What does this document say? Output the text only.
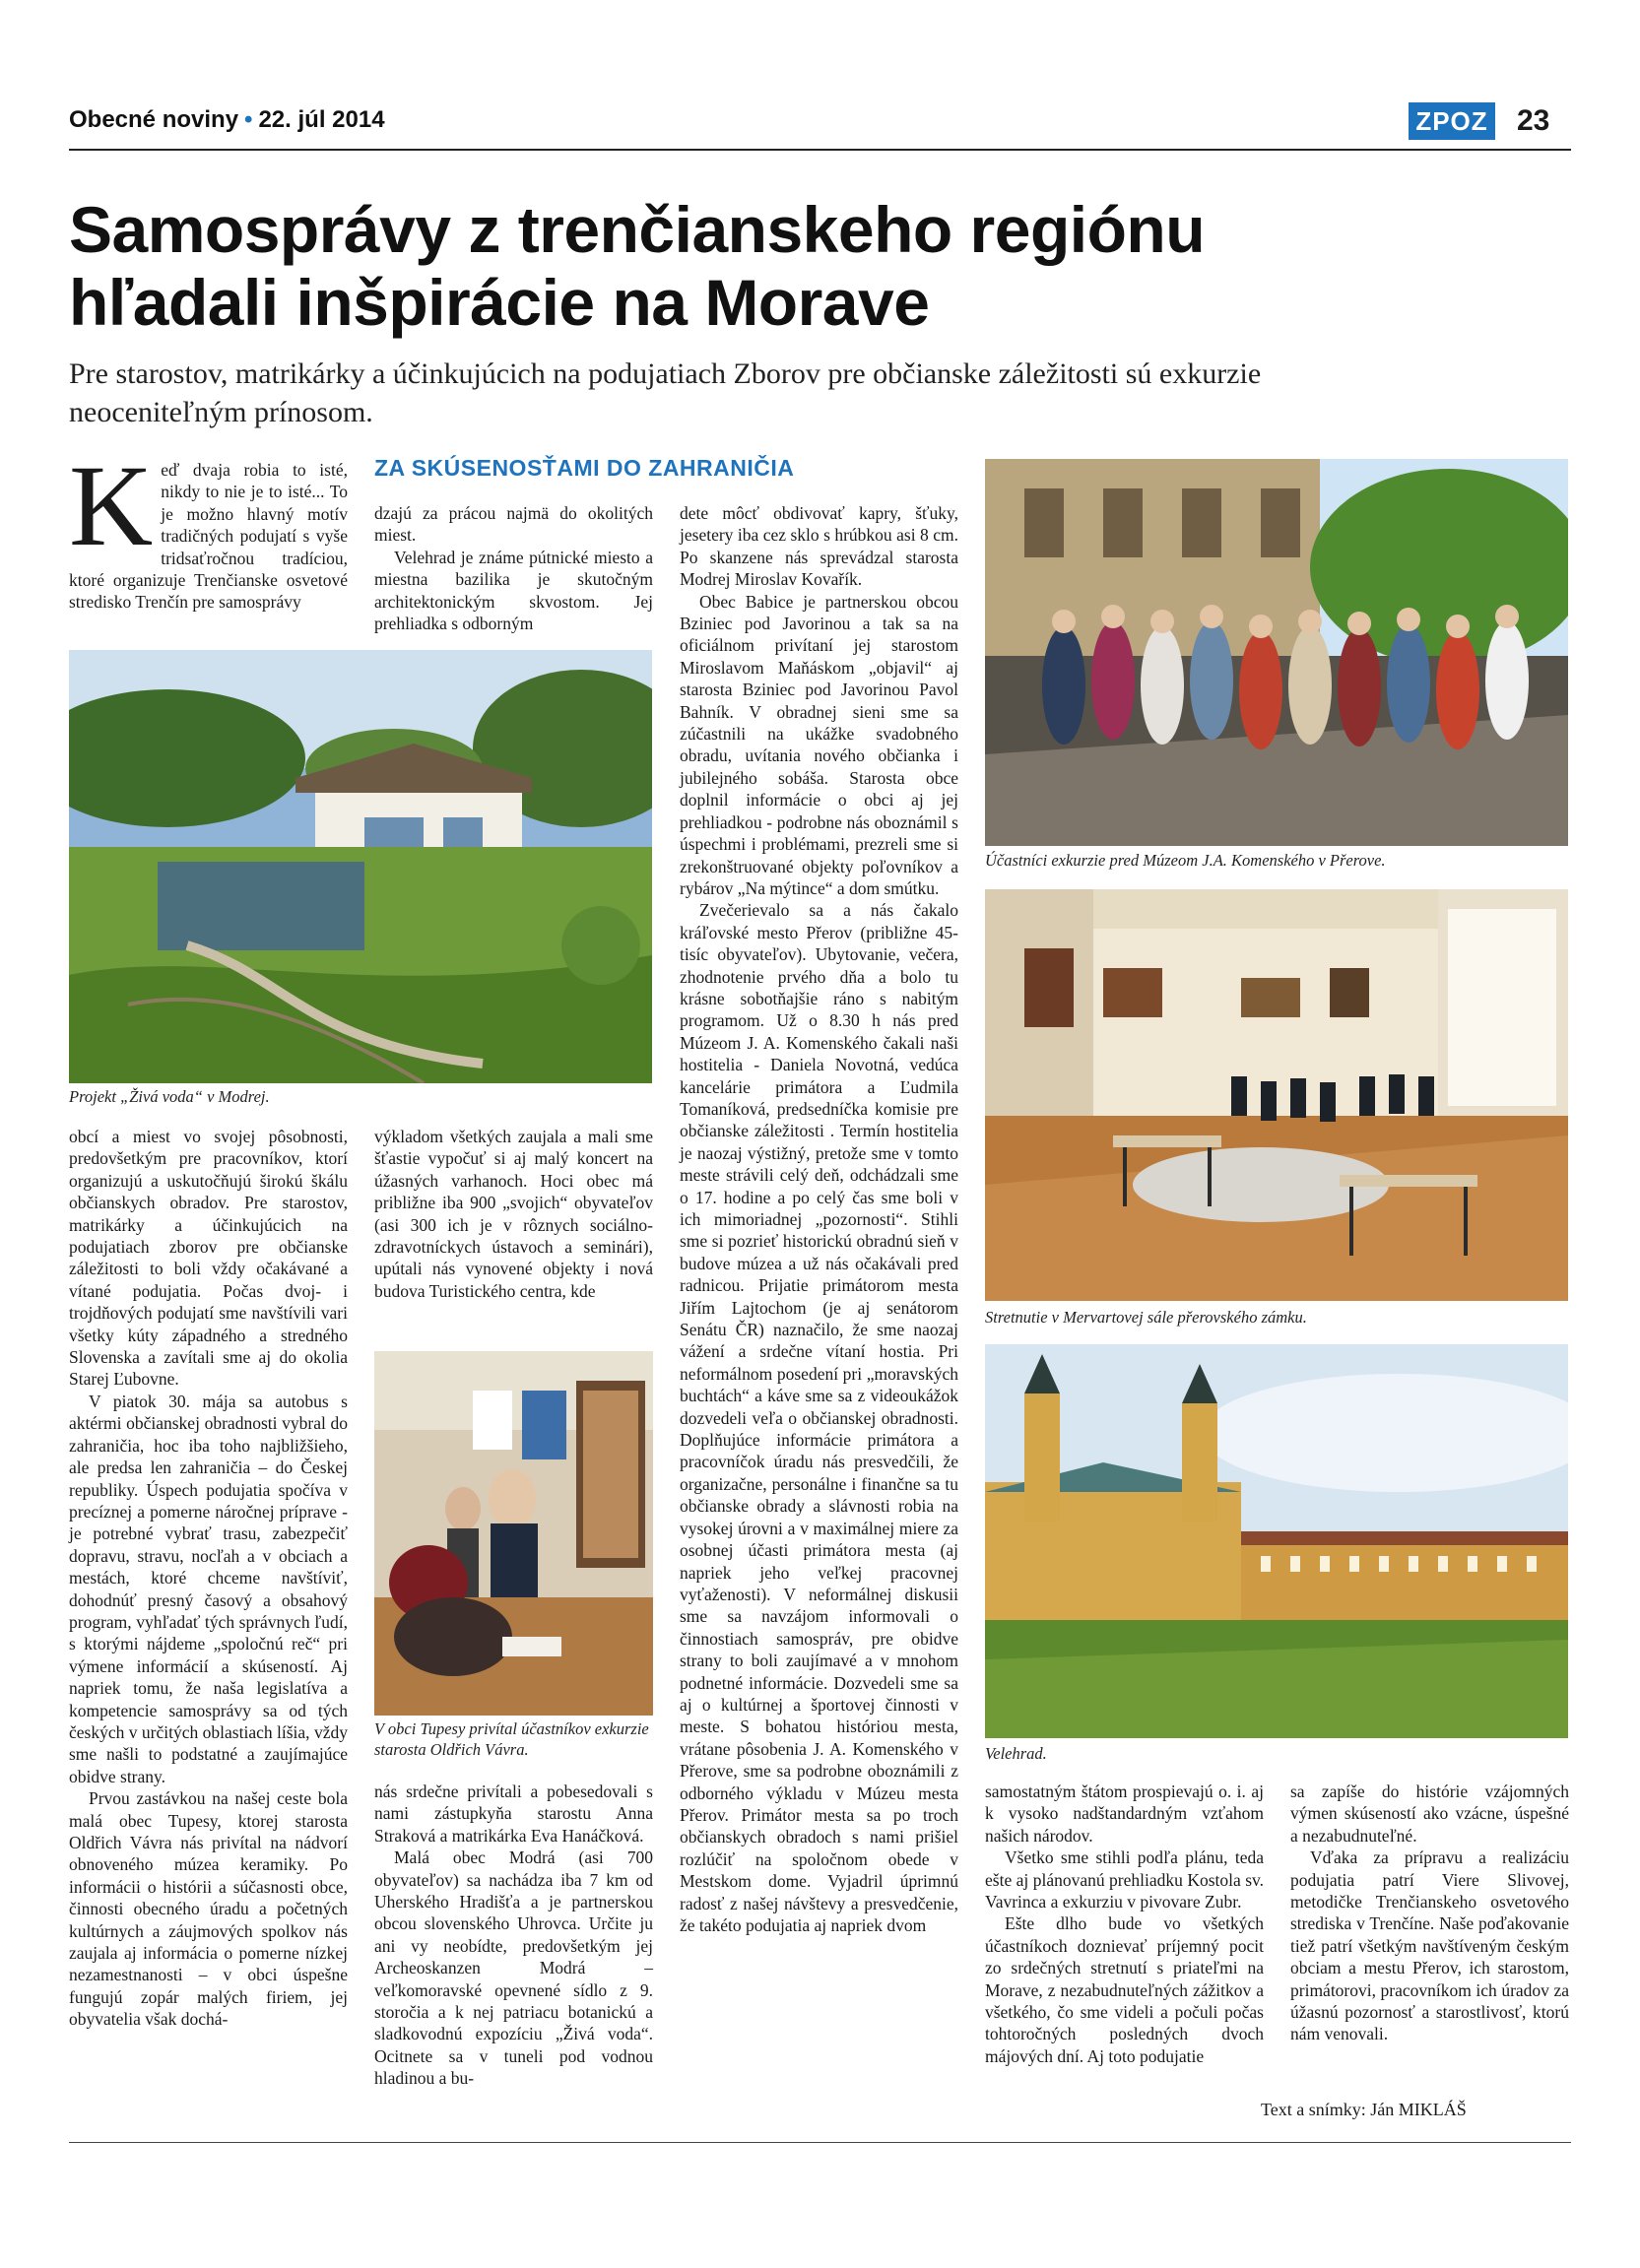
Obecné noviny • 22. júl 2014	ZPOZ 23
Samosprávy z trenčianskeho regiónu
hľadali inšpirácie na Morave
Pre starostov, matrikárky a účinkujúcich na podujatiach Zborov pre občianske záležitosti sú exkurzie neoceniteľným prínosom.
ZA SKÚSENOSŤAMI DO ZAHRANIČIA

Keď dvaja robia to isté, nikdy to nie je to isté... To je možno hlavný motív tradičných podujatí s vyše tridsaťročnou tradíciou, ktoré organizuje Trenčianske osvetové stredisko Trenčín pre samosprávy

Projekt „Živá voda“ v Modrej.

obcí a miest vo svojej pôsobnosti, predovšetkým pre pracovníkov, ktorí organizujú a uskutočňujú širokú škálu občianskych obradov. Pre starostov, matrikárky a účinkujúcich na podujatiach zborov pre občianske záležitosti to boli vždy očakávané a vítané podujatia. Počas dvoj- i trojdňových podujatí sme navštívili vari všetky kúty západného a stredného Slovenska a zavítali sme aj do okolia Starej Ľubovne.

V piatok 30. mája sa autobus s aktérmi občianskej obradnosti vybral do zahraničia, hoc iba toho najbližšieho, ale predsa len zahraničia – do Českej republiky. Úspech podujatia spočíva v precíznej a pomerne náročnej príprave - je potrebné vybrať trasu, zabezpečiť dopravu, stravu, nocľah a v obciach a mestách, ktoré chceme navštíviť, dohodnúť presný časový a obsahový program, vyhľadať tých správnych ľudí, s ktorými nájdeme „spoločnú reč“ pri výmene informácií a skúseností. Aj napriek tomu, že naša legislatíva a kompetencie samosprávy sa od tých českých v určitých oblastiach líšia, vždy sme našli to podstatné a zaujímajúce obidve strany.

Prvou zastávkou na našej ceste bola malá obec Tupesy, ktorej starosta Oldřich Vávra nás privítal na nádvorí obnoveného múzea keramiky. Po informácii o histórii a súčasnosti obce, činnosti obecného úradu a početných kultúrnych a záujmových spolkov nás zaujala aj informácia o pomerne nízkej nezamestnanosti – v obci úspešne fungujú zopár malých firiem, jej obyvatelia však dochá-

dzajú za prácou najmä do okolitých miest.

Velehrad je známe pútnické miesto a miestna bazilika je skutočným architektonickým skvostom. Jej prehliadka s odborným

výkladom všetkých zaujala a mali sme šťastie vypočuť si aj malý koncert na úžasných varhanoch. Hoci obec má približne iba 900 „svojich“ obyvateľov (asi 300 ich je v rôznych sociálno-zdravotníckych ústavoch a seminári), upútali nás vynovené objekty i nová budova Turistického centra, kde

V obci Tupesy privítal účastníkov exkurzie starosta Oldřich Vávra.

nás srdečne privítali a pobesedovali s nami zástupkyňa starostu Anna Straková a matrikárka Eva Hanáčková.

Malá obec Modrá (asi 700 obyvateľov) sa nachádza iba 7 km od Uherského Hradišťa a je partnerskou obcou slovenského Uhrovca. Určite ju ani vy neobídte, predovšetkým jej Archeoskanzen Modrá – veľkomoravské opevnené sídlo z 9. storočia a k nej patriacu botanickú a sladkovodnú expozíciu „Živá voda“. Ocitnete sa v tuneli pod vodnou hladinou a bu-

dete môcť obdivovať kapry, šťuky, jesetery iba cez sklo s hrúbkou asi 8 cm. Po skanzene nás sprevádzal starosta Modrej Miroslav Kovařík.

Obec Babice je partnerskou obcou Bziniec pod Javorinou a tak sa na oficiálnom privítaní jej starostom Miroslavom Maňáskom „objavil“ aj starosta Bziniec pod Javorinou Pavol Bahník. V obradnej sieni sme sa zúčastnili na ukážke svadobného obradu, uvítania nového občianka i jubilejného sobáša. Starosta obce doplnil informácie o obci aj jej prehliadkou - podrobne nás oboznámil s úspechmi i problémami, prezreli sme si zrekonštruované objekty poľovníkov a rybárov „Na mýtince“ a dom smútku.

Zvečerievalo sa a nás čakalo kráľovské mesto Přerov (približne 45-tisíc obyvateľov). Ubytovanie, večera, zhodnotenie prvého dňa a bolo tu krásne sobotňajšie ráno s nabitým programom. Už o 8.30 h nás pred Múzeom J. A. Komenského čakali naši hostitelia - Daniela Novotná, vedúca kancelárie primátora a Ľudmila Tomaníková, predsedníčka komisie pre občianske záležitosti . Termín hostitelia je naozaj výstižný, pretože sme v tomto meste strávili celý deň, odchádzali sme o 17. hodine a po celý čas sme boli v ich mimoriadnej „pozornosti“. Stihli sme si pozrieť historickú obradnú sieň v budove múzea a už nás očakávali pred radnicou. Prijatie primátorom mesta Jiřím Lajtochom (je aj senátorom Senátu ČR) naznačilo, že sme naozaj vážení a srdečne vítaní hostia. Pri neformálnom posedení pri „moravských buchtách“ a káve sme sa z videoukážok dozvedeli veľa o občianskej obradnosti. Doplňujúce informácie primátora a pracovníčok úradu nás presvedčili, že organizačne, personálne i finančne sa tu občianske obrady a slávnosti robia na vysokej úrovni a v maximálnej miere za osobnej účasti primátora mesta (aj napriek jeho veľkej pracovnej vyťaženosti). V neformálnej diskusii sme sa navzájom informovali o činnostiach samospráv, pre obidve strany to boli zaujímavé a v mnohom podnetné informácie. Dozvedeli sme sa aj o kultúrnej a športovej činnosti v meste. S bohatou históriou mesta, vrátane pôsobenia J. A. Komenského v Přerove, sme sa podrobne oboznámili z odborného výkladu v Múzeu mesta Přerov. Primátor mesta sa po troch občianskych obradoch s nami prišiel rozlúčiť na spoločnom obede v Mestskom dome. Vyjadril úprimnú radosť z našej návštevy a presvedčenie, že takéto podujatia aj napriek dvom

Účastníci exkurzie pred Múzeom J.A. Komenského v Přerove.
Stretnutie v Mervartovej sále přerovského zámku.
Velehrad.

samostatným štátom prospievajú o. i. aj k vysoko nadštandardným vzťahom našich národov.

Všetko sme stihli podľa plánu, teda ešte aj plánovanú prehliadku Kostola sv. Vavrinca a exkurziu v pivovare Zubr.

Ešte dlho bude vo všetkých účastníkoch doznievať príjemný pocit zo srdečných stretnutí s priateľmi na Morave, z nezabudnuteľných zážitkov a všetkého, čo sme videli a počuli počas tohtoročných posledných dvoch májových dní. Aj toto podujatie

sa zapíše do histórie vzájomných výmen skúseností ako vzácne, úspešné a nezabudnuteľné.

Vďaka za prípravu a realizáciu podujatia patrí Viere Slivovej, metodičke Trenčianskeho osvetového strediska v Trenčíne. Naše poďakovanie tiež patrí všetkým navštíveným českým obciam a mestu Přerov, ich starostom, primátorovi, pracovníkom ich úradov za úžasnú pozornosť a starostlivosť, ktorú nám venovali.

Text a snímky: Ján MIKLÁŠ
